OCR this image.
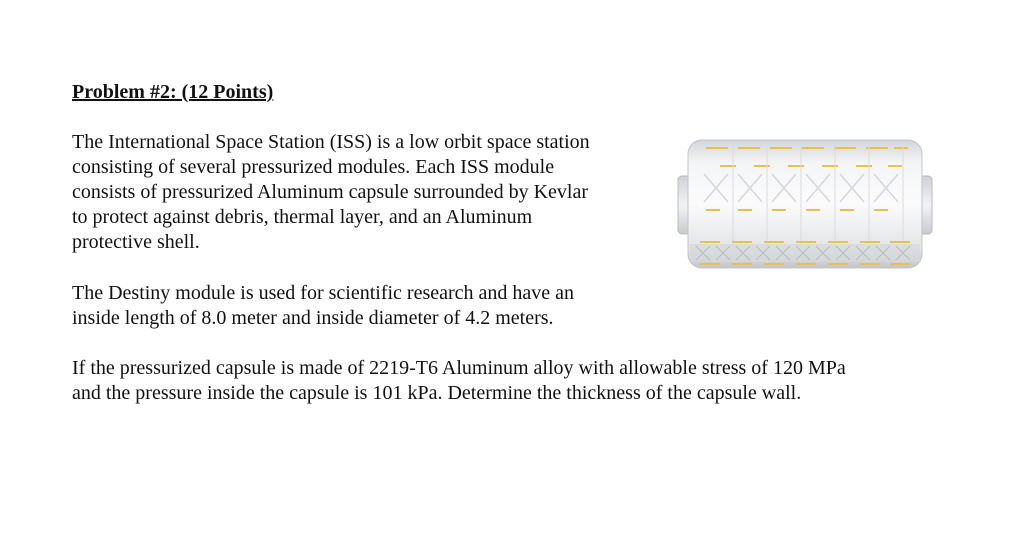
Problem #2: (12 Points)

The International Space Station (ISS) is a low orbit space station
consisting of several pressurized modules. Each ISS module
consists of pressurized Aluminum capsule surrounded by Kevlar
to protect against debris, thermal layer, and an Aluminum
protective shell.

The Destiny module is used for scientific research and have an
inside length of 8.0 meter and inside diameter of 4.2 meters.

If the pressurized capsule is made of 2219-T6 Aluminum alloy with allowable stress of 120 MPa
and the pressure inside the capsule is 101 kPa. Determine the thickness of the capsule wall.
